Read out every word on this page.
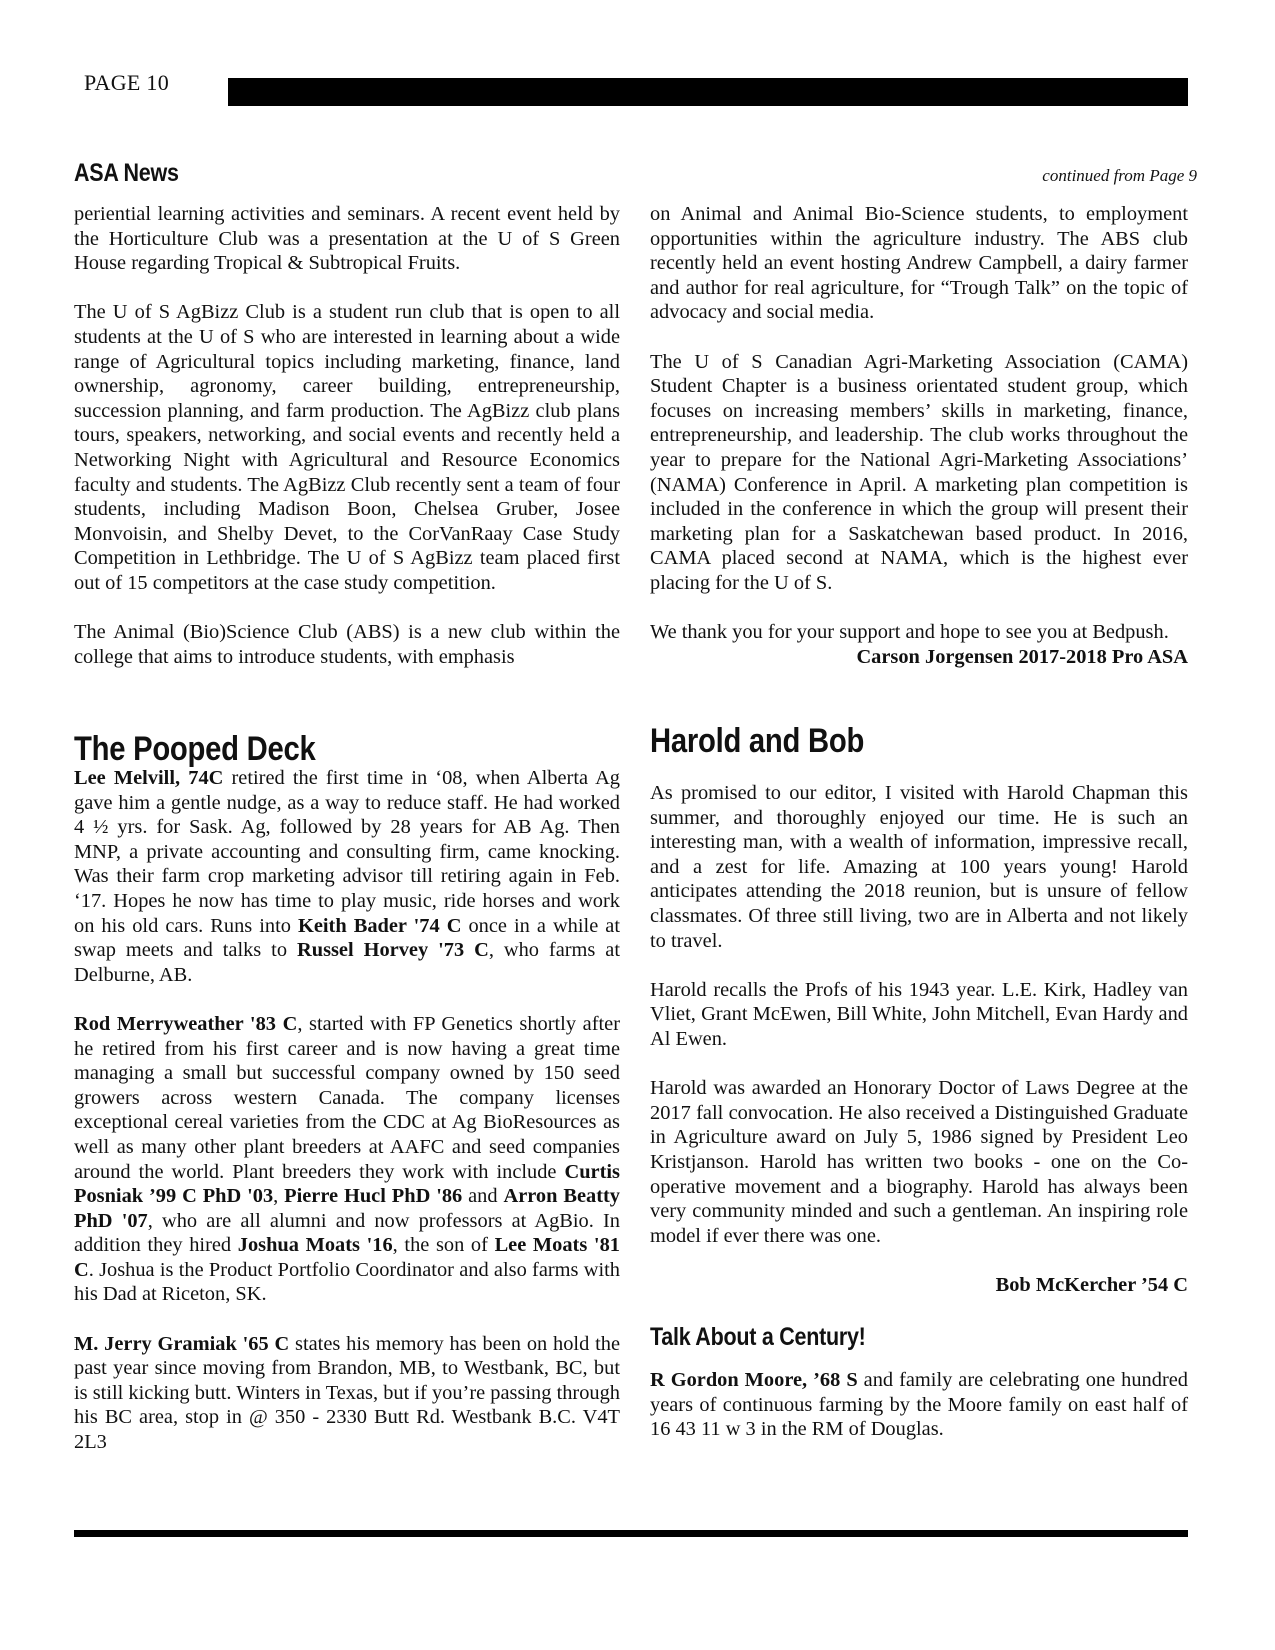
PAGE 10
ASA News	continued from Page 9

periential learning activities and seminars. A recent event held by the Horticulture Club was a presentation at the U of S Green House regarding Tropical & Subtropical Fruits.

The U of S AgBizz Club is a student run club that is open to all students at the U of S who are interested in learning about a wide range of Agricultural topics including marketing, finance, land ownership, agronomy, career building, entrepreneurship, succession planning, and farm production. The AgBizz club plans tours, speakers, networking, and social events and recently held a Networking Night with Agricultural and Resource Economics faculty and students. The AgBizz Club recently sent a team of four students, including Madison Boon, Chelsea Gruber, Josee Monvoisin, and Shelby Devet, to the CorVanRaay Case Study Competition in Lethbridge. The U of S AgBizz team placed first out of 15 competitors at the case study competition.

The Animal (Bio)Science Club (ABS) is a new club within the college that aims to introduce students, with emphasis

on Animal and Animal Bio-Science students, to employment opportunities within the agriculture industry. The ABS club recently held an event hosting Andrew Campbell, a dairy farmer and author for real agriculture, for “Trough Talk” on the topic of advocacy and social media.

The U of S Canadian Agri-Marketing Association (CAMA) Student Chapter is a business orientated student group, which focuses on increasing members’ skills in marketing, finance, entrepreneurship, and leadership. The club works throughout the year to prepare for the National Agri-Marketing Associations’ (NAMA) Conference in April. A marketing plan competition is included in the conference in which the group will present their marketing plan for a Saskatchewan based product. In 2016, CAMA placed second at NAMA, which is the highest ever placing for the U of S.

We thank you for your support and hope to see you at Bedpush.

Carson Jorgensen 2017-2018 Pro ASA

The Pooped Deck

Lee Melvill, 74C retired the first time in ‘08, when Alberta Ag gave him a gentle nudge, as a way to reduce staff. He had worked 4 ½ yrs. for Sask. Ag, followed by 28 years for AB Ag. Then MNP, a private accounting and consulting firm, came knocking. Was their farm crop marketing advisor till retiring again in Feb. ‘17. Hopes he now has time to play music, ride horses and work on his old cars. Runs into Keith Bader '74 C once in a while at swap meets and talks to Russel Horvey '73 C, who farms at Delburne, AB.

Rod Merryweather '83 C, started with FP Genetics shortly after he retired from his first career and is now having a great time managing a small but successful company owned by 150 seed growers across western Canada. The company licenses exceptional cereal varieties from the CDC at Ag BioResources as well as many other plant breeders at AAFC and seed companies around the world. Plant breeders they work with include Curtis Posniak ’99 C PhD '03, Pierre Hucl PhD '86 and Arron Beatty PhD '07, who are all alumni and now professors at AgBio. In addition they hired Joshua Moats '16, the son of Lee Moats '81 C. Joshua is the Product Portfolio Coordinator and also farms with his Dad at Riceton, SK.

M. Jerry Gramiak '65 C states his memory has been on hold the past year since moving from Brandon, MB, to Westbank, BC, but is still kicking butt. Winters in Texas, but if you’re passing through his BC area, stop in @ 350 - 2330 Butt Rd. Westbank B.C. V4T 2L3

Harold and Bob

As promised to our editor, I visited with Harold Chapman this summer, and thoroughly enjoyed our time. He is such an interesting man, with a wealth of information, impressive recall, and a zest for life. Amazing at 100 years young! Harold anticipates attending the 2018 reunion, but is unsure of fellow classmates. Of three still living, two are in Alberta and not likely to travel.

Harold recalls the Profs of his 1943 year. L.E. Kirk, Hadley van Vliet, Grant McEwen, Bill White, John Mitchell, Evan Hardy and Al Ewen.

Harold was awarded an Honorary Doctor of Laws Degree at the 2017 fall convocation. He also received a Distinguished Graduate in Agriculture award on July 5, 1986 signed by President Leo Kristjanson. Harold has written two books - one on the Co-operative movement and a biography. Harold has always been very community minded and such a gentleman. An inspiring role model if ever there was one.

Bob McKercher ’54 C

Talk About a Century!

R Gordon Moore, ’68 S and family are celebrating one hundred years of continuous farming by the Moore family on east half of 16 43 11 w 3 in the RM of Douglas.
